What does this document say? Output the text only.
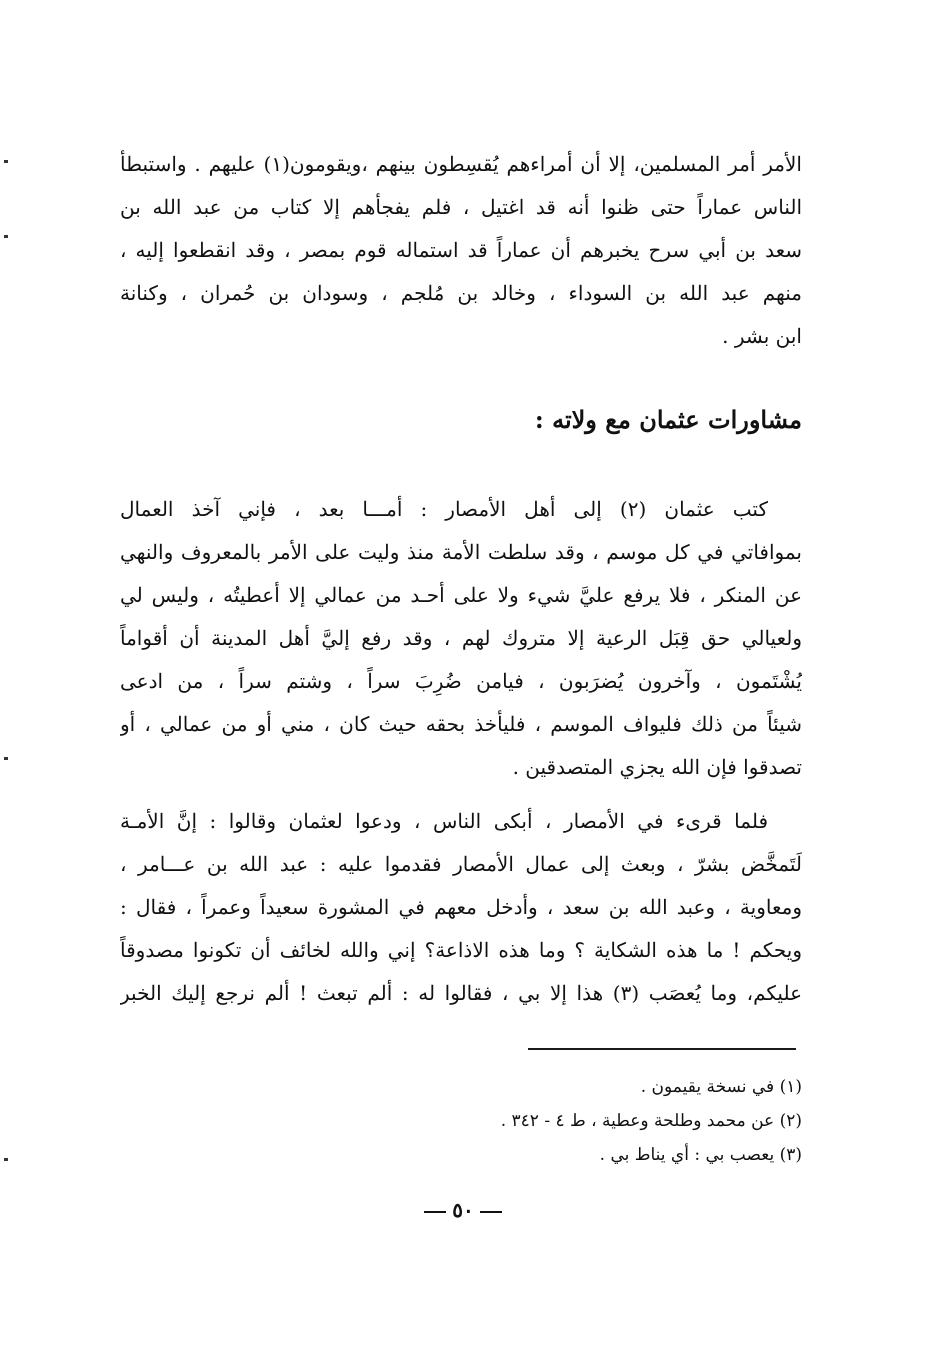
الأمر أمر المسلمين، إلا أن أمراءهم يُقسِطون بينهم ،ويقومون(١) عليهم . واستبطأ
الناس عماراً حتى ظنوا أنه قد اغتيل ، فلم يفجأهم إلا كتاب من عبد الله بن
سعد بن أبي سرح يخبرهم أن عماراً قد استماله قوم بمصر ، وقد انقطعوا إليه ،
منهم عبد الله بن السوداء ، وخالد بن مُلجم ، وسودان بن حُمران ، وكنانة
ابن بشر .
مشاورات عثمان مع ولاته :
كتب عثمان (٢) إلى أهل الأمصار : أمـــا بعد ، فإني آخذ العمال
بموافاتي في كل موسم ، وقد سلطت الأمة منذ وليت على الأمر بالمعروف والنهي
عن المنكر ، فلا يرفع عليَّ شيء ولا على أحـد من عمالي إلا أعطيتُه ، وليس لي
ولعيالي حق قِبَل الرعية إلا متروك لهم ، وقد رفع إليَّ أهل المدينة أن أقواماً
يُشْتَمون ، وآخرون يُضرَبون ، فيامن ضُرِبَ سراً ، وشتم سراً ، من ادعى
شيئاً من ذلك فليواف الموسم ، فليأخذ بحقه حيث كان ، مني أو من عمالي ، أو
تصدقوا فإن الله يجزي المتصدقين .
فلما قرىء في الأمصار ، أبكى الناس ، ودعوا لعثمان وقالوا : إنَّ الأمـة
لَتَمخَّض بشرّ ، وبعث إلى عمال الأمصار فقدموا عليه : عبد الله بن عـــامر ،
ومعاوية ، وعبد الله بن سعد ، وأدخل معهم في المشورة سعيداً وعمراً ، فقال :
ويحكم ! ما هذه الشكاية ؟ وما هذه الاذاعة؟ إني والله لخائف أن تكونوا مصدوقاً
عليكم، وما يُعصَب (٣) هذا إلا بي ، فقالوا له : ألم تبعث ! ألم نرجع إليك الخبر
(١) في نسخة يقيمون .
(٢) عن محمد وطلحة وعطية ، ط ٤ - ٣٤٢ .
(٣) يعصب بي : أي يناط بي .
٥٠
